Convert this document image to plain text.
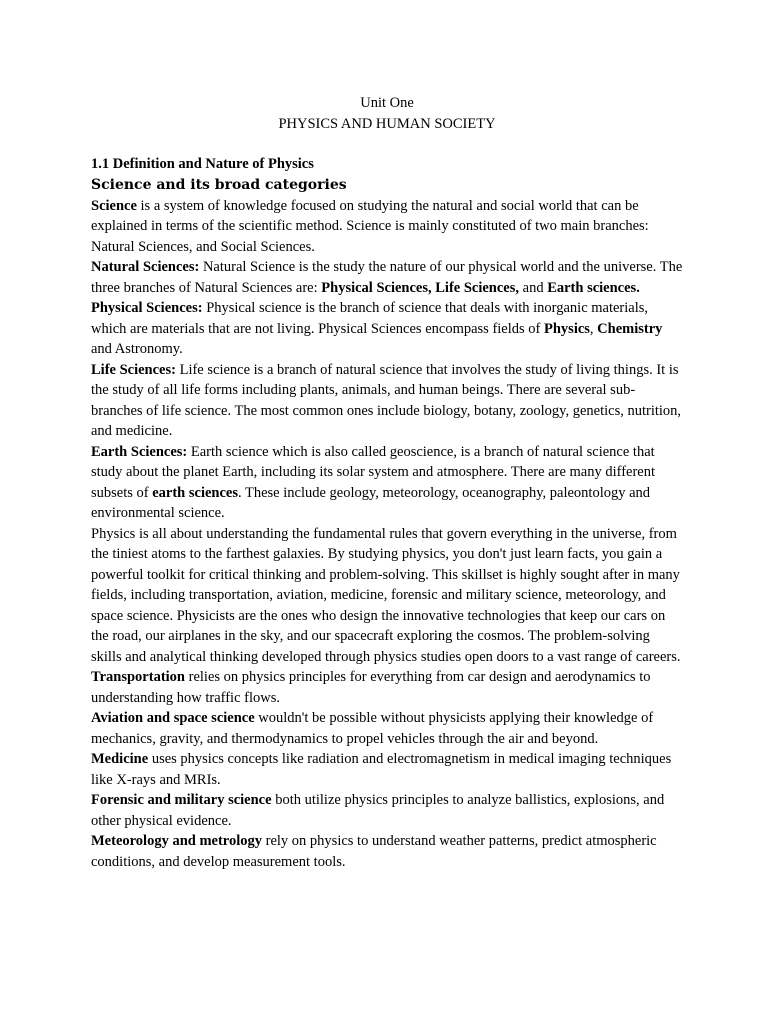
Unit One

PHYSICS AND HUMAN SOCIETY

1.1 Definition and Nature of Physics

Science and its broad categories

Science is a system of knowledge focused on studying the natural and social world that can be explained in terms of the scientific method. Science is mainly constituted of two main branches: Natural Sciences, and Social Sciences.

Natural Sciences: Natural Science is the study the nature of our physical world and the universe. The three branches of Natural Sciences are: Physical Sciences, Life Sciences, and Earth sciences.

Physical Sciences: Physical science is the branch of science that deals with inorganic materials, which are materials that are not living. Physical Sciences encompass fields of Physics, Chemistry and Astronomy.

Life Sciences: Life science is a branch of natural science that involves the study of living things. It is the study of all life forms including plants, animals, and human beings. There are several sub-branches of life science. The most common ones include biology, botany, zoology, genetics, nutrition, and medicine.

Earth Sciences: Earth science which is also called geoscience, is a branch of natural science that study about the planet Earth, including its solar system and atmosphere. There are many different subsets of earth sciences. These include geology, meteorology, oceanography, paleontology and environmental science.

Physics is all about understanding the fundamental rules that govern everything in the universe, from the tiniest atoms to the farthest galaxies. By studying physics, you don't just learn facts, you gain a powerful toolkit for critical thinking and problem-solving. This skillset is highly sought after in many fields, including transportation, aviation, medicine, forensic and military science, meteorology, and space science. Physicists are the ones who design the innovative technologies that keep our cars on the road, our airplanes in the sky, and our spacecraft exploring the cosmos. The problem-solving skills and analytical thinking developed through physics studies open doors to a vast range of careers.

Transportation relies on physics principles for everything from car design and aerodynamics to understanding how traffic flows.

Aviation and space science wouldn't be possible without physicists applying their knowledge of mechanics, gravity, and thermodynamics to propel vehicles through the air and beyond.

Medicine uses physics concepts like radiation and electromagnetism in medical imaging techniques like X-rays and MRIs.

Forensic and military science both utilize physics principles to analyze ballistics, explosions, and other physical evidence.

Meteorology and metrology rely on physics to understand weather patterns, predict atmospheric conditions, and develop measurement tools.
